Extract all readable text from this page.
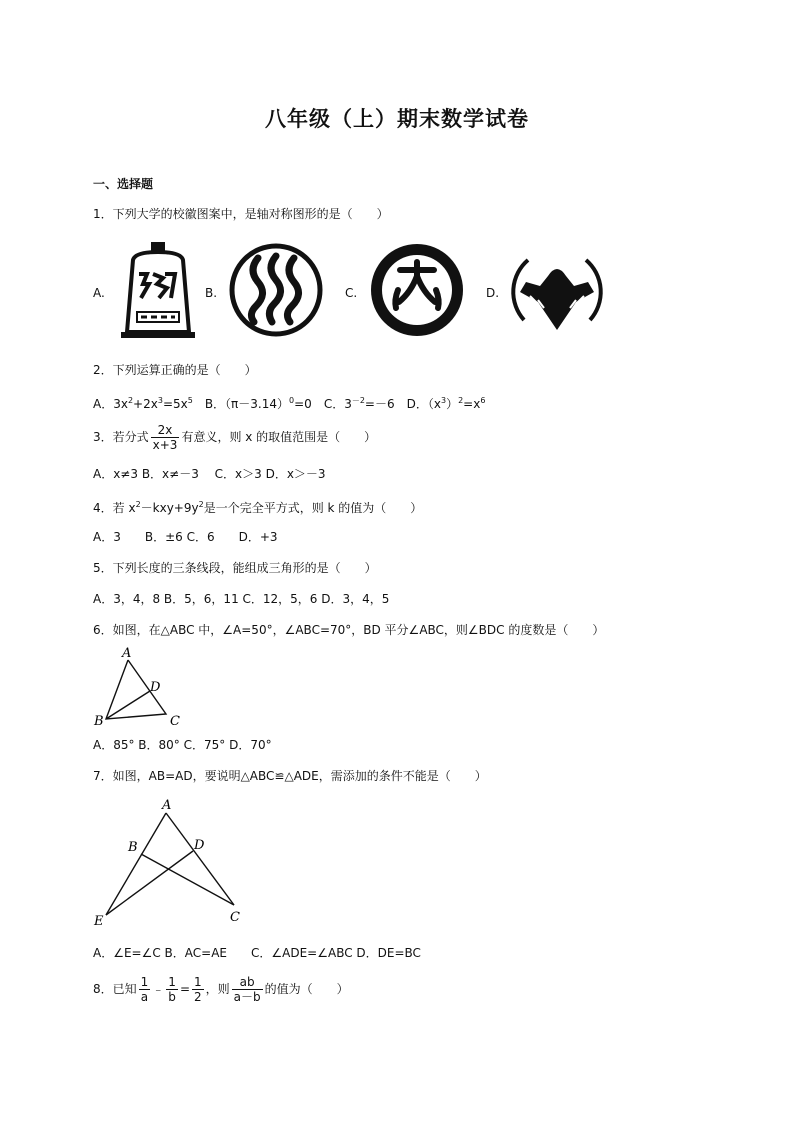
八年级（上）期末数学试卷
一、选择题
1．下列大学的校徽图案中，是轴对称图形的是（　　）
A.	B.	C.	D.
2．下列运算正确的是（　　）
A．$3x^2+2x^3=5x^5$　B．$(\pi-3.14)^0=0$　C．$3^{-2}=-6$　D．$(x^3)^2=x^6$
3．若分式 $\frac{2x}{x+3}$ 有意义，则 x 的取值范围是（　　）
A．x≠3 B．x≠－3　 C．x＞3 D．x＞－3
4．若 $x^2-kxy+9y^2$是一个完全平方式，则 k 的值为（　　）
A．3　　B．±6 C．6　　D．+3
5．下列长度的三条线段，能组成三角形的是（　　）
A．3，4，8 B．5，6，11 C．12，5，6 D．3，4，5
6．如图，在△ABC 中，∠A=50°，∠ABC=70°，BD 平分∠ABC，则∠BDC 的度数是（　　）
A
B	C
D
A．85° B．80° C．75° D．70°
7．如图，AB=AD，要说明△ABC≌△ADE，需添加的条件不能是（　　）
A
B
C
D
E
A．∠E=∠C B．AC=AE　　C．∠ADE=∠ABC D．DE=BC
8．已知 $\frac{1}{a}$ ﹣ $\frac{1}{b} = \frac{1}{2}$ ，则 $\frac{ab}{a-b}$ 的值为（　　）
